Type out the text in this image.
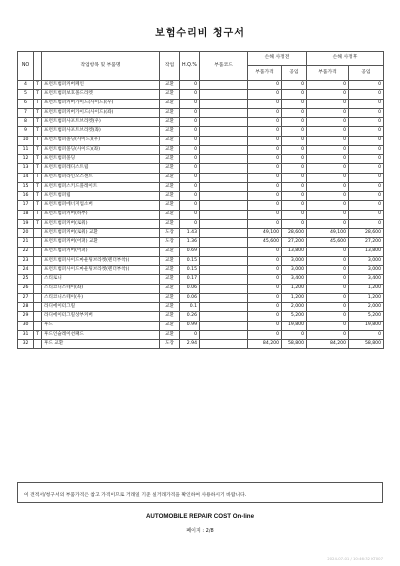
보험수리비 청구서
NO		작업항목 및 부품명	작업	H.Q.%	부품코드	손해 사정전		손해 사정후	
						부품가격	공임	부품가격	공임
4	T	프런트범퍼커버페인	교환	0		0	0	0	0
5	T	프런트범퍼보호몰드라켓	교환	0		0	0	0	0
6	T	프런트범퍼커버가이드(사이드)(우)	교환	0		0	0	0	0
7	T	프런트범퍼커버가이드(사이드)(좌)	교환	0		0	0	0	0
8	T	프런트범퍼사포트브라켓(우)	교환	0		0	0	0	0
9	T	프런트범퍼사포트브라켓(좌)	교환	0		0	0	0	0
10	T	프런트범퍼몰딩(사이드)(우)	교환	0		0	0	0	0
11	T	프런트범퍼몰딩(사이드)(좌)	교환	0		0	0	0	0
12	T	프런트범퍼몰딩	교환	0		0	0	0	0
13	T	프런트범퍼레디스트립	교환	0		0	0	0	0
14	T	프런트범퍼라인오스센트	교환	0		0	0	0	0
15	T	프런트범퍼스키드플레이트	교환	0		0	0	0	0
16	T	프런트범퍼립	교환	0		0	0	0	0
17	T	프런트범퍼에너지업소버	교환	0		0	0	0	0
18	T	프런트범퍼커버(하부)	교환	0		0	0	0	0
19	T	프런트범퍼커버(로워)	교환	0		0	0	0	0
20		프런트범퍼커버(로워) 교환	도장	1.43		49,100	28,600	49,100	28,600
21		프런트범퍼커버(어퍼) 교환	도장	1.36		45,600	27,200	45,600	27,200
22		프런트범퍼커버(어퍼)	교환	0.69		0	13,800	0	13,800
23		프런트범퍼사이드마운팅브라켓(펜더부착)(	교환	0.15		0	3,000	0	3,000
24		프런트범퍼사이드마운팅브라켓(펜더부착)(	교환	0.15		0	3,000	0	3,000
25		스티로니	교환	0.17		0	3,400	0	3,400
26		스티코니스테이(좌)	교환	0.06		0	1,200	0	1,200
27		스티코니스테이(우)	교환	0.06		0	1,200	0	1,200
28		라디에이터그릴	교환	0.1		0	2,000	0	2,000
29		라디에이터그릴상부커버	교환	0.26		0	5,200	0	5,200
30		후드	교환	0.99		0	19,800	0	19,800
31	T	후드인슐레이션패드	교환	0		0	0	0	0
32		후드 교환	도장	2.94		84,200	58,800	84,200	58,800
이 견적서/청구서의 부품가격은 참고 가격이므로 거래일 기준 실거래가격을 확인하여 사용하시기 바랍니다.
AUTOMOBILE REPAIR COST On-line
페이지 : 2/8
2024-07-01 / 10:46:32 KT007
